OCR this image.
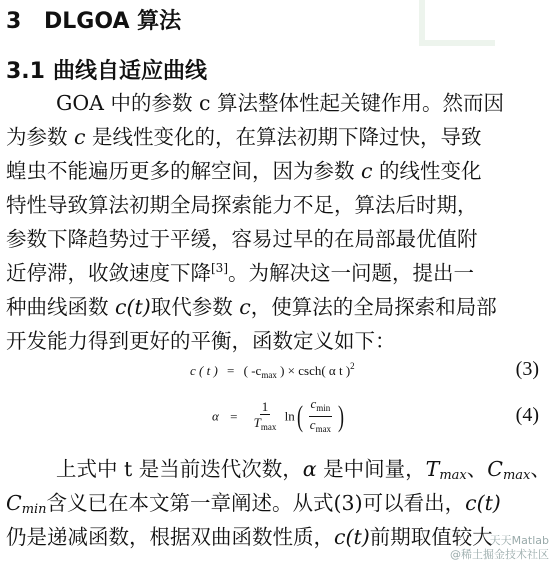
3 DLGOA 算法
3.1 曲线自适应曲线
GOA 中的参数 c 算法整体性起关键作用。然而因
为参数 c 是线性变化的，在算法初期下降过快，导致
蝗虫不能遍历更多的解空间，因为参数 c 的线性变化
特性导致算法初期全局探索能力不足，算法后时期，
参数下降趋势过于平缓，容易过早的在局部最优值附
近停滞，收敛速度下降[3]。为解决这一问题，提出一
种曲线函数 c(t)取代参数 c，使算法的全局探索和局部
开发能力得到更好的平衡，函数定义如下：
c ( t ) = ( $-c_{max}$ ) × csch( α t )$^2$	(3)
$\alpha = \frac{1}{T_{max}} \ln( \frac{c_{min}}{c_{max}}$ )	(4)
上式中 t 是当前迭代次数，α 是中间量，$T_{max}$、$C_{max}$、
$C_{min}$含义已在本文第一章阐述。从式(3)可以看出，c(t)
仍是递减函数，根据双曲函数性质，c(t)前期取值较大
天天Matlab
@稀土掘金技术社区
